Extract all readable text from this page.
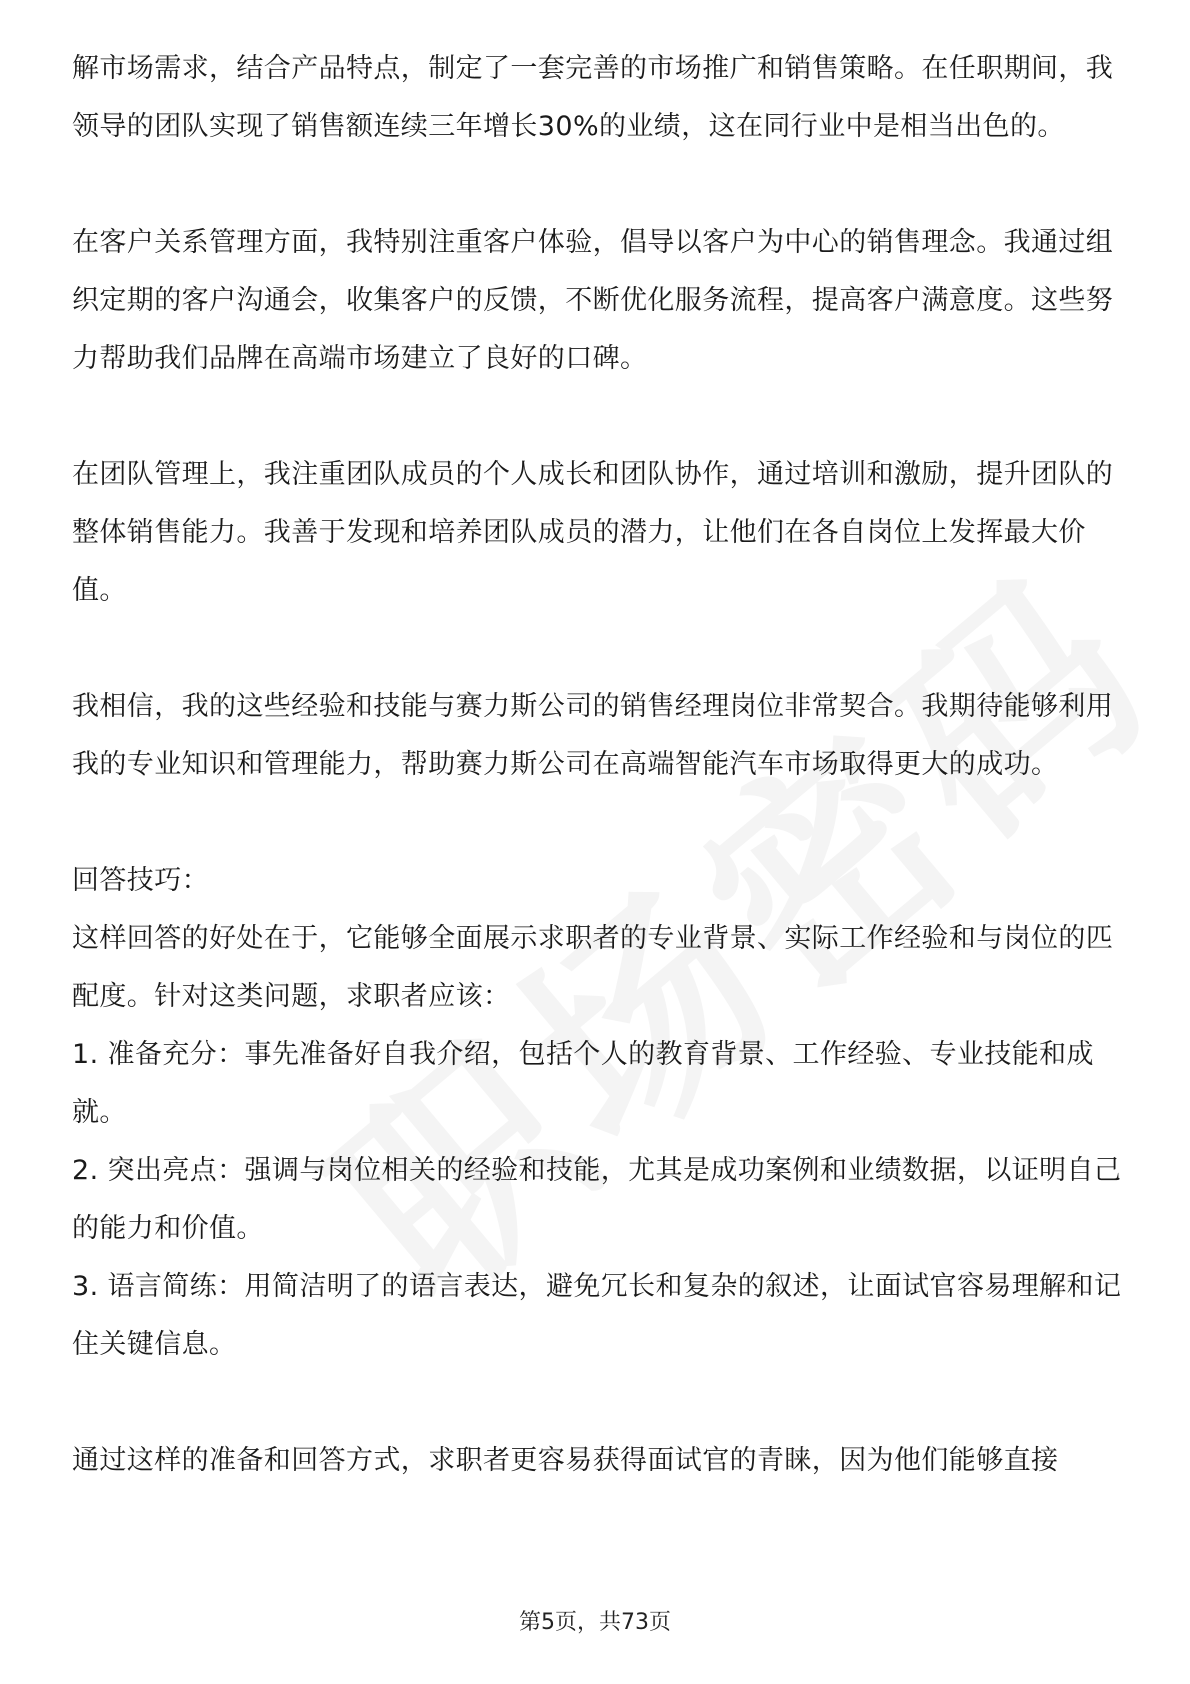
解市场需求，结合产品特点，制定了一套完善的市场推广和销售策略。在任职期间，我领导的团队实现了销售额连续三年增长30%的业绩，这在同行业中是相当出色的。

在客户关系管理方面，我特别注重客户体验，倡导以客户为中心的销售理念。我通过组织定期的客户沟通会，收集客户的反馈，不断优化服务流程，提高客户满意度。这些努力帮助我们品牌在高端市场建立了良好的口碑。

在团队管理上，我注重团队成员的个人成长和团队协作，通过培训和激励，提升团队的整体销售能力。我善于发现和培养团队成员的潜力，让他们在各自岗位上发挥最大价值。

我相信，我的这些经验和技能与赛力斯公司的销售经理岗位非常契合。我期待能够利用我的专业知识和管理能力，帮助赛力斯公司在高端智能汽车市场取得更大的成功。

回答技巧：

这样回答的好处在于，它能够全面展示求职者的专业背景、实际工作经验和与岗位的匹配度。针对这类问题，求职者应该：

1. 准备充分：事先准备好自我介绍，包括个人的教育背景、工作经验、专业技能和成就。

2. 突出亮点：强调与岗位相关的经验和技能，尤其是成功案例和业绩数据，以证明自己的能力和价值。

3. 语言简练：用简洁明了的语言表达，避免冗长和复杂的叙述，让面试官容易理解和记住关键信息。

通过这样的准备和回答方式，求职者更容易获得面试官的青睐，因为他们能够直接

第5页，共73页
